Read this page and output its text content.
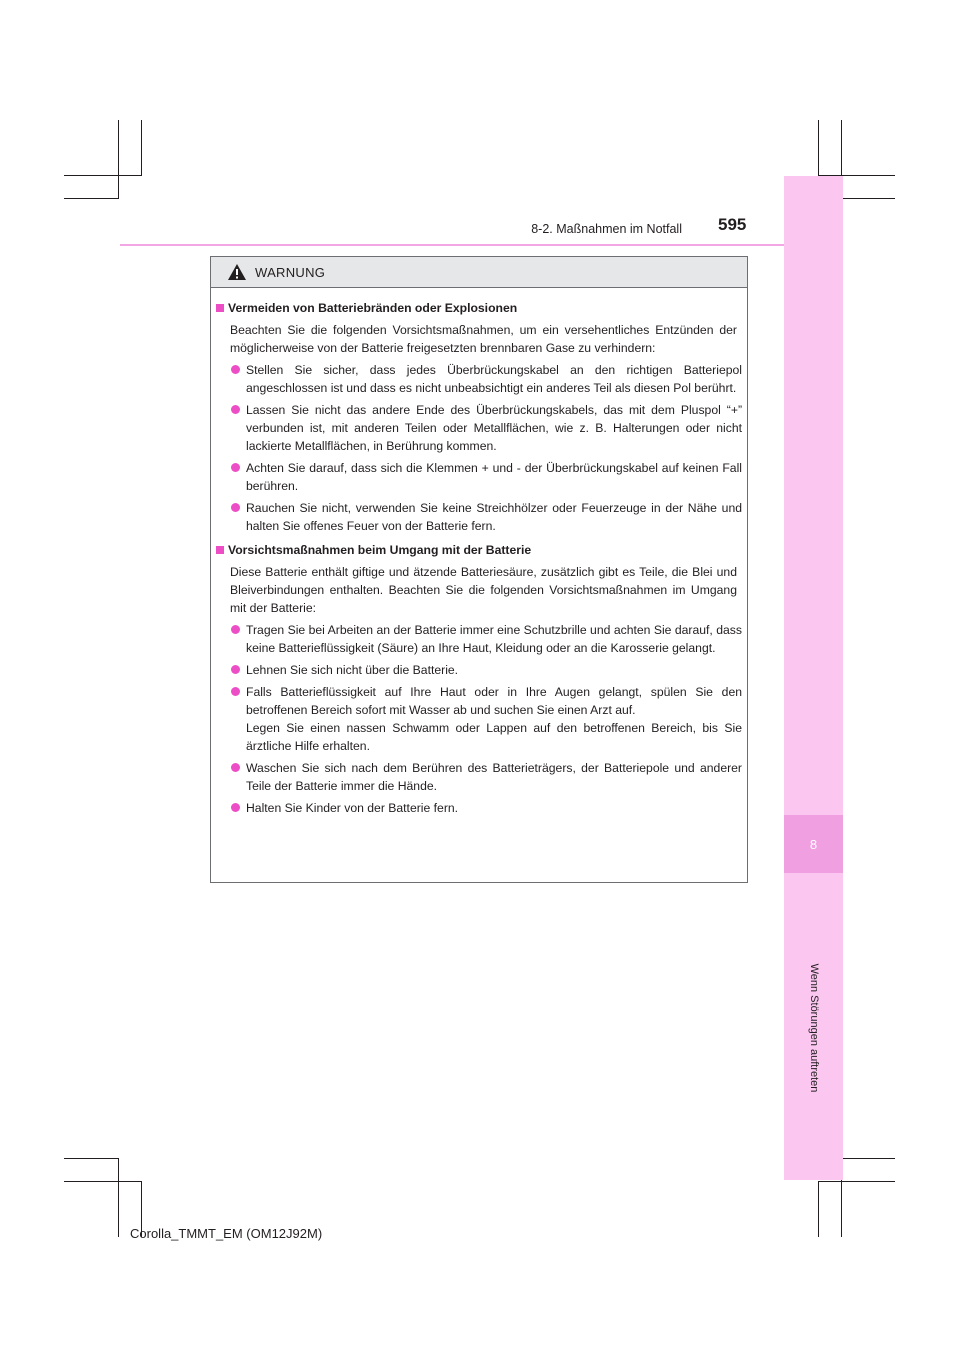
8
Wenn Störungen auftreten
8-2. Maßnahmen im Notfall 595
WARNUNG
Vermeiden von Batteriebränden oder Explosionen
Beachten Sie die folgenden Vorsichtsmaßnahmen, um ein versehentliches Entzünden der möglicherweise von der Batterie freigesetzten brennbaren Gase zu verhindern:
Stellen Sie sicher, dass jedes Überbrückungskabel an den richtigen Batteriepol angeschlossen ist und dass es nicht unbeabsichtigt ein anderes Teil als diesen Pol berührt.
Lassen Sie nicht das andere Ende des Überbrückungskabels, das mit dem Pluspol “+” verbunden ist, mit anderen Teilen oder Metallflächen, wie z. B. Halterungen oder nicht lackierte Metallflächen, in Berührung kommen.
Achten Sie darauf, dass sich die Klemmen + und - der Überbrückungskabel auf keinen Fall berühren.
Rauchen Sie nicht, verwenden Sie keine Streichhölzer oder Feuerzeuge in der Nähe und halten Sie offenes Feuer von der Batterie fern.
Vorsichtsmaßnahmen beim Umgang mit der Batterie
Diese Batterie enthält giftige und ätzende Batteriesäure, zusätzlich gibt es Teile, die Blei und Bleiverbindungen enthalten. Beachten Sie die folgenden Vorsichtsmaßnahmen im Umgang mit der Batterie:
Tragen Sie bei Arbeiten an der Batterie immer eine Schutzbrille und achten Sie darauf, dass keine Batterieflüssigkeit (Säure) an Ihre Haut, Kleidung oder an die Karosserie gelangt.
Lehnen Sie sich nicht über die Batterie.
Falls Batterieflüssigkeit auf Ihre Haut oder in Ihre Augen gelangt, spülen Sie den betroffenen Bereich sofort mit Wasser ab und suchen Sie einen Arzt auf.
Legen Sie einen nassen Schwamm oder Lappen auf den betroffenen Bereich, bis Sie ärztliche Hilfe erhalten.
Waschen Sie sich nach dem Berühren des Batterieträgers, der Batteriepole und anderer Teile der Batterie immer die Hände.
Halten Sie Kinder von der Batterie fern.
Corolla_TMMT_EM (OM12J92M)
